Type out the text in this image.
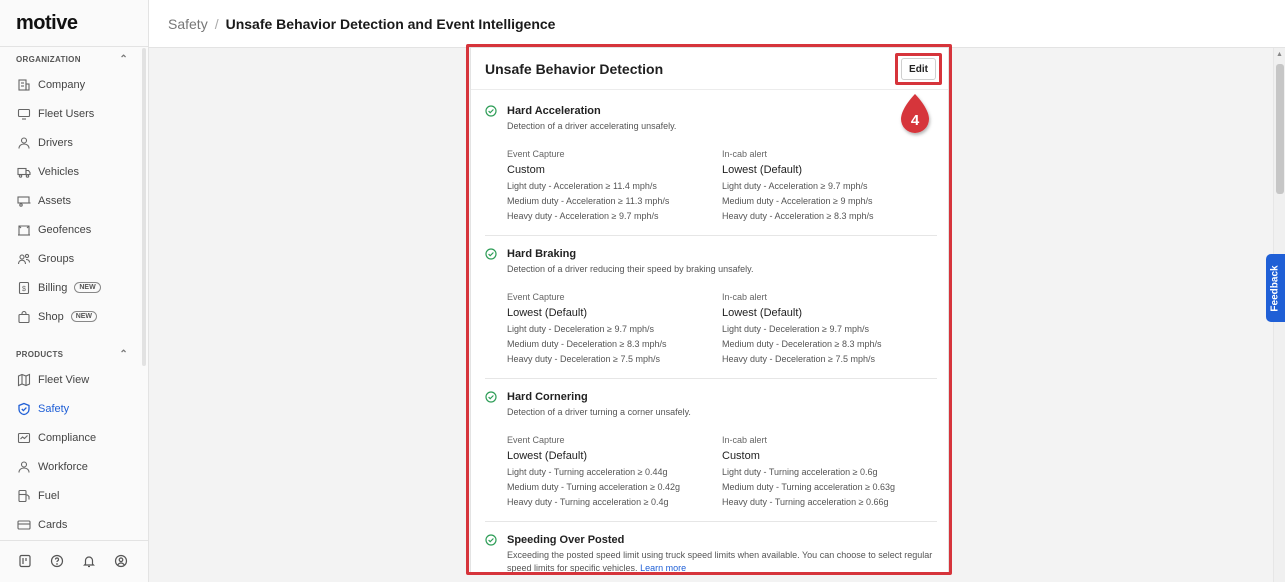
motive
ORGANIZATION	⌃
Company
Fleet Users
Drivers
Vehicles
Assets
Geofences
Groups
$ Billing	NEW
Shop	NEW
PRODUCTS	⌃
Fleet View
Safety
Compliance
Workforce
Fuel
Cards
Safety / Unsafe Behavior Detection and Event Intelligence
▲
Feedback
Unsafe Behavior Detection	Edit
Hard Acceleration
Detection of a driver accelerating unsafely.
Event Capture
Custom
Light duty - Acceleration ≥ 11.4 mph/s
Medium duty - Acceleration ≥ 11.3 mph/s
Heavy duty - Acceleration ≥ 9.7 mph/s
In-cab alert
Lowest (Default)
Light duty - Acceleration ≥ 9.7 mph/s
Medium duty - Acceleration ≥ 9 mph/s
Heavy duty - Acceleration ≥ 8.3 mph/s
Hard Braking
Detection of a driver reducing their speed by braking unsafely.
Event Capture
Lowest (Default)
Light duty - Deceleration ≥ 9.7 mph/s
Medium duty - Deceleration ≥ 8.3 mph/s
Heavy duty - Deceleration ≥ 7.5 mph/s
In-cab alert
Lowest (Default)
Light duty - Deceleration ≥ 9.7 mph/s
Medium duty - Deceleration ≥ 8.3 mph/s
Heavy duty - Deceleration ≥ 7.5 mph/s
Hard Cornering
Detection of a driver turning a corner unsafely.
Event Capture
Lowest (Default)
Light duty - Turning acceleration ≥ 0.44g
Medium duty - Turning acceleration ≥ 0.42g
Heavy duty - Turning acceleration ≥ 0.4g
In-cab alert
Custom
Light duty - Turning acceleration ≥ 0.6g
Medium duty - Turning acceleration ≥ 0.63g
Heavy duty - Turning acceleration ≥ 0.66g
Speeding Over Posted
Exceeding the posted speed limit using truck speed limits when available. You can choose to select regular speed limits for specific vehicles. Learn more
4
